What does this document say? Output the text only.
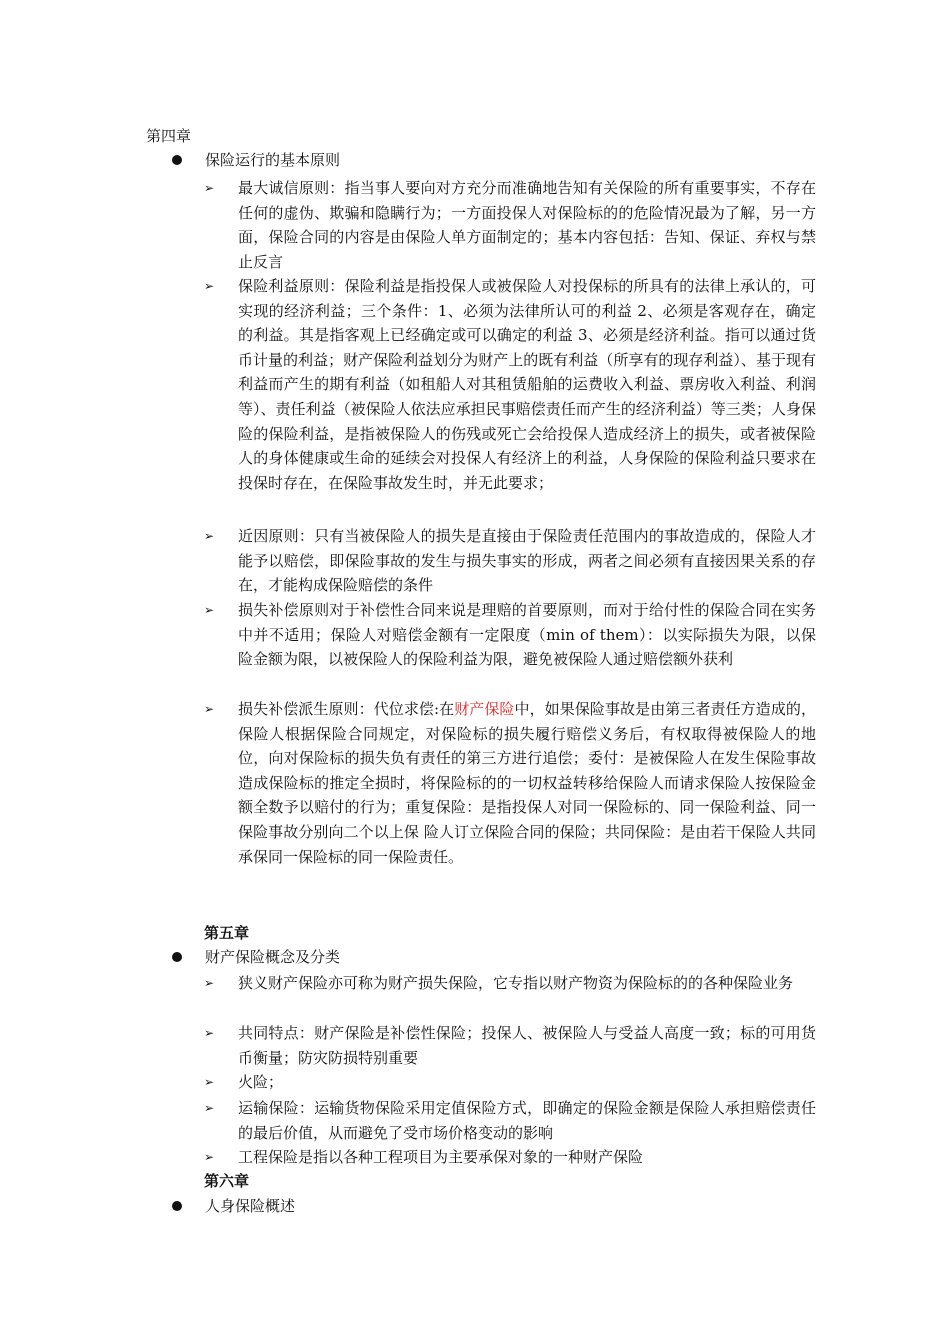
第四章
保险运行的基本原则
➢ 最大诚信原则：指当事人要向对方充分而准确地告知有关保险的所有重要事实，不存在任何的虚伪、欺骗和隐瞒行为；一方面投保人对保险标的的危险情况最为了解，另一方面，保险合同的内容是由保险人单方面制定的；基本内容包括：告知、保证、弃权与禁止反言
➢ 保险利益原则：保险利益是指投保人或被保险人对投保标的所具有的法律上承认的，可实现的经济利益；三个条件：1、必须为法律所认可的利益 2、必须是客观存在，确定的利益。其是指客观上已经确定或可以确定的利益 3、必须是经济利益。指可以通过货币计量的利益；财产保险利益划分为财产上的既有利益（所享有的现存利益）、基于现有利益而产生的期有利益（如租船人对其租赁船舶的运费收入利益、票房收入利益、利润等）、责任利益（被保险人依法应承担民事赔偿责任而产生的经济利益）等三类；人身保险的保险利益，是指被保险人的伤残或死亡会给投保人造成经济上的损失，或者被保险人的身体健康或生命的延续会对投保人有经济上的利益，人身保险的保险利益只要求在投保时存在，在保险事故发生时，并无此要求；
➢ 近因原则：只有当被保险人的损失是直接由于保险责任范围内的事故造成的，保险人才能予以赔偿，即保险事故的发生与损失事实的形成，两者之间必须有直接因果关系的存在，才能构成保险赔偿的条件
➢ 损失补偿原则对于补偿性合同来说是理赔的首要原则，而对于给付性的保险合同在实务中并不适用；保险人对赔偿金额有一定限度（min of them）：以实际损失为限，以保险金额为限，以被保险人的保险利益为限，避免被保险人通过赔偿额外获利
➢ 损失补偿派生原则：代位求偿:在财产保险中，如果保险事故是由第三者责任方造成的，保险人根据保险合同规定，对保险标的损失履行赔偿义务后，有权取得被保险人的地位，向对保险标的损失负有责任的第三方进行追偿；委付：是被保险人在发生保险事故造成保险标的推定全损时，将保险标的的一切权益转移给保险人而请求保险人按保险金额全数予以赔付的行为；重复保险：是指投保人对同一保险标的、同一保险利益、同一保险事故分别向二个以上保 险人订立保险合同的保险；共同保险：是由若干保险人共同承保同一保险标的同一保险责任。
第五章
财产保险概念及分类
➢ 狭义财产保险亦可称为财产损失保险，它专指以财产物资为保险标的的各种保险业务
➢ 共同特点：财产保险是补偿性保险；投保人、被保险人与受益人高度一致；标的可用货币衡量；防灾防损特别重要
➢ 火险；
➢ 运输保险：运输货物保险采用定值保险方式，即确定的保险金额是保险人承担赔偿责任的最后价值，从而避免了受市场价格变动的影响
➢ 工程保险是指以各种工程项目为主要承保对象的一种财产保险
第六章
人身保险概述
